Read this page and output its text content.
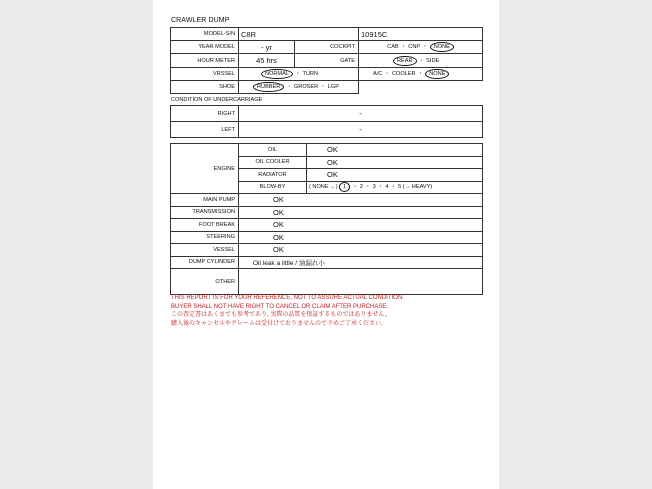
CRAWLER DUMP
MODEL-S/N	C8R		10915C
YEAR MODEL	- yr	COCKPIT	CAB ・ CNP ・ NONE
HOUR METER	45 hrs	GATE	REAR ・ SIDE
VRSSEL	NORMAL ・ TURN		A/C ・ COOLER ・ NONE
SHOE	RUBBER ・ GROSER ・ LGP		
CONDITION OF UNDERCARRIAGE
RIGHT	-
LEFT	-
ENGINE	OIL	OK
	OIL COOLER	OK
	RADIATOR	OK
	BLOW-BY	( NONE ←) 1 ・ 2 ・ 3 ・ 4 ・ 5 (→ HEAVY)
MAIN PUMP	OK	
TRANSMISSION	OK	
FOOT BREAK	OK	
STEERING	OK	
VESSEL	OK	
DUMP CYLINDER	Oil leak a little / 油漏れ小	
OTHER		
THIS REPORT IS FOR YOUR REFERENCE, NOT TO ASSURE ACTUAL CONDITION.
BUYER SHALL NOT HAVE RIGHT TO CANCEL OR CLAIM AFTER PURCHASE.
この査定書はあくまでも参考であり, 実際の品質を保証するものではありません。
購入後のキャンセルやクレームは受付けておりませんので予めご了承ください。
